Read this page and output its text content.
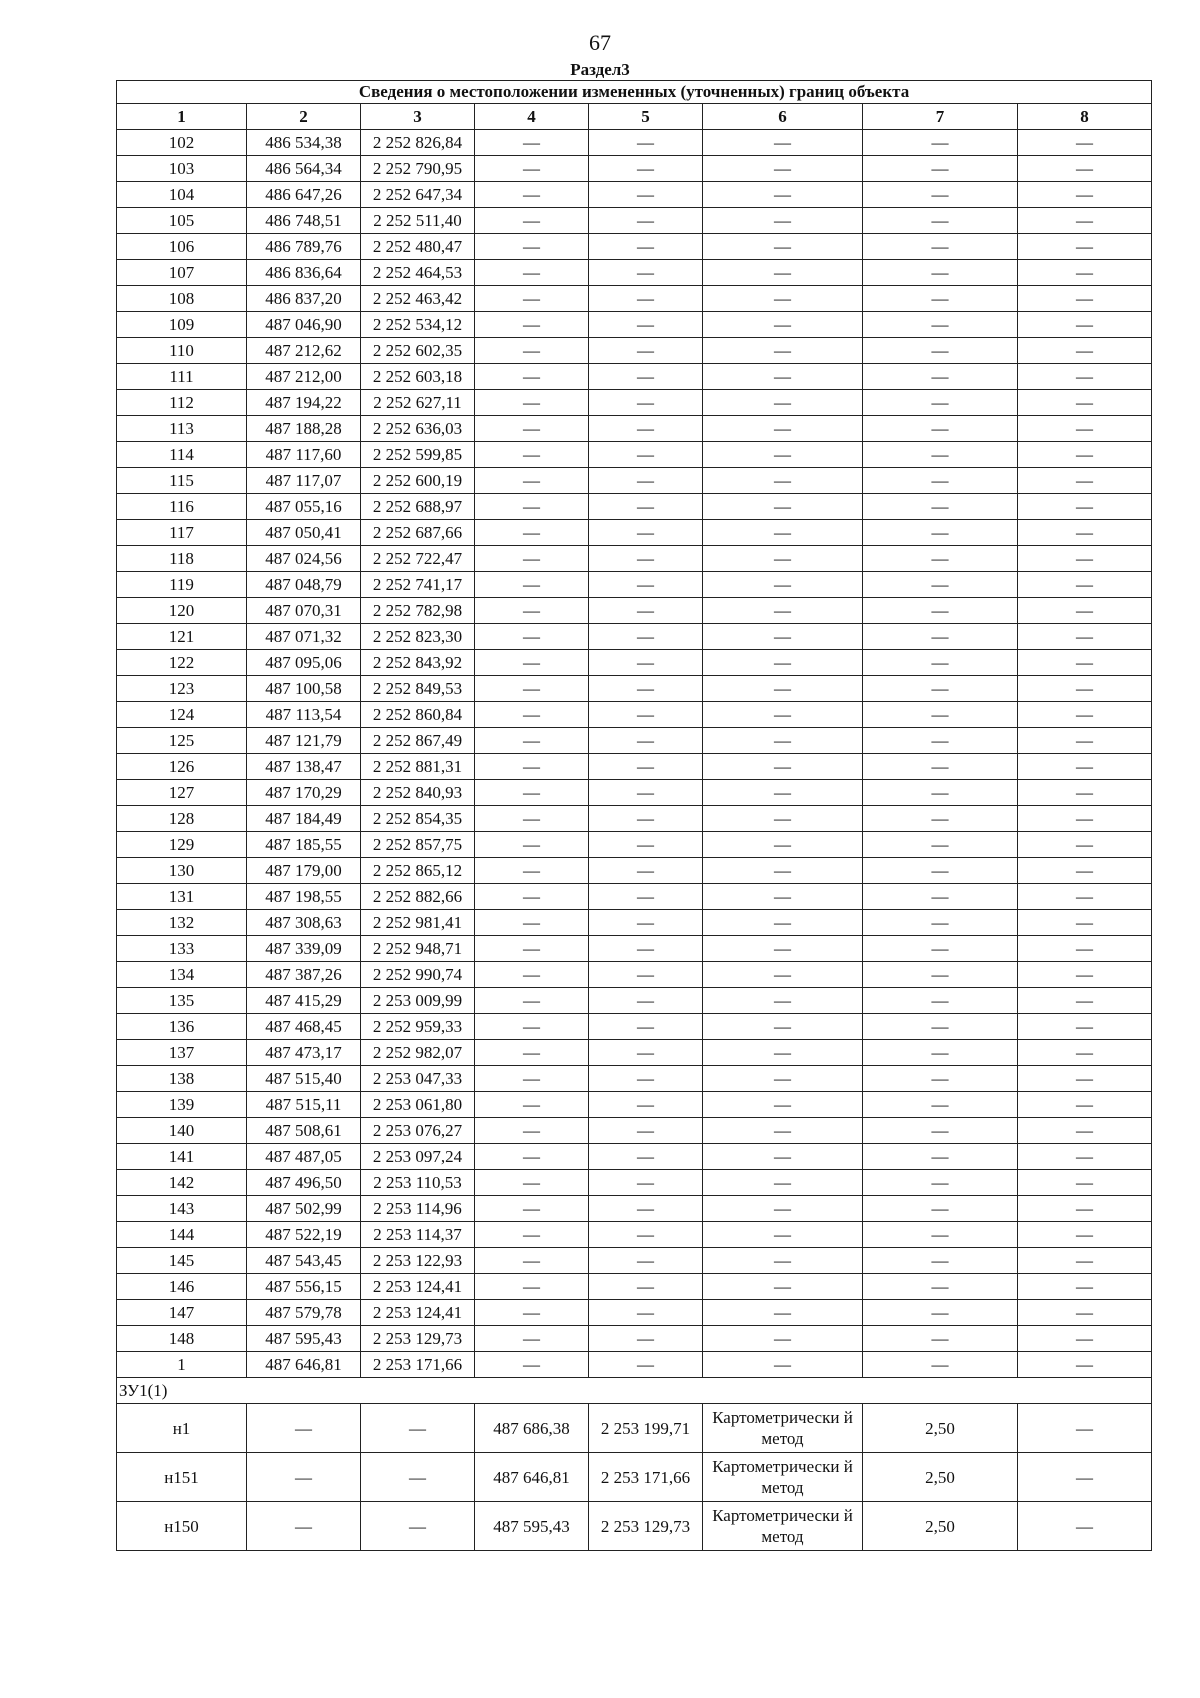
67
Раздел3
Сведения о местоположении измененных (уточненных) границ объекта							
1	2	3	4	5	6	7	8
102	486 534,38	2 252 826,84	—	—	—	—	—
103	486 564,34	2 252 790,95	—	—	—	—	—
104	486 647,26	2 252 647,34	—	—	—	—	—
105	486 748,51	2 252 511,40	—	—	—	—	—
106	486 789,76	2 252 480,47	—	—	—	—	—
107	486 836,64	2 252 464,53	—	—	—	—	—
108	486 837,20	2 252 463,42	—	—	—	—	—
109	487 046,90	2 252 534,12	—	—	—	—	—
110	487 212,62	2 252 602,35	—	—	—	—	—
111	487 212,00	2 252 603,18	—	—	—	—	—
112	487 194,22	2 252 627,11	—	—	—	—	—
113	487 188,28	2 252 636,03	—	—	—	—	—
114	487 117,60	2 252 599,85	—	—	—	—	—
115	487 117,07	2 252 600,19	—	—	—	—	—
116	487 055,16	2 252 688,97	—	—	—	—	—
117	487 050,41	2 252 687,66	—	—	—	—	—
118	487 024,56	2 252 722,47	—	—	—	—	—
119	487 048,79	2 252 741,17	—	—	—	—	—
120	487 070,31	2 252 782,98	—	—	—	—	—
121	487 071,32	2 252 823,30	—	—	—	—	—
122	487 095,06	2 252 843,92	—	—	—	—	—
123	487 100,58	2 252 849,53	—	—	—	—	—
124	487 113,54	2 252 860,84	—	—	—	—	—
125	487 121,79	2 252 867,49	—	—	—	—	—
126	487 138,47	2 252 881,31	—	—	—	—	—
127	487 170,29	2 252 840,93	—	—	—	—	—
128	487 184,49	2 252 854,35	—	—	—	—	—
129	487 185,55	2 252 857,75	—	—	—	—	—
130	487 179,00	2 252 865,12	—	—	—	—	—
131	487 198,55	2 252 882,66	—	—	—	—	—
132	487 308,63	2 252 981,41	—	—	—	—	—
133	487 339,09	2 252 948,71	—	—	—	—	—
134	487 387,26	2 252 990,74	—	—	—	—	—
135	487 415,29	2 253 009,99	—	—	—	—	—
136	487 468,45	2 252 959,33	—	—	—	—	—
137	487 473,17	2 252 982,07	—	—	—	—	—
138	487 515,40	2 253 047,33	—	—	—	—	—
139	487 515,11	2 253 061,80	—	—	—	—	—
140	487 508,61	2 253 076,27	—	—	—	—	—
141	487 487,05	2 253 097,24	—	—	—	—	—
142	487 496,50	2 253 110,53	—	—	—	—	—
143	487 502,99	2 253 114,96	—	—	—	—	—
144	487 522,19	2 253 114,37	—	—	—	—	—
145	487 543,45	2 253 122,93	—	—	—	—	—
146	487 556,15	2 253 124,41	—	—	—	—	—
147	487 579,78	2 253 124,41	—	—	—	—	—
148	487 595,43	2 253 129,73	—	—	—	—	—
1	487 646,81	2 253 171,66	—	—	—	—	—
ЗУ1(1)							
н1	—	—	487 686,38	2 253 199,71	Картометрически й метод	2,50	—
н151	—	—	487 646,81	2 253 171,66	Картометрически й метод	2,50	—
н150	—	—	487 595,43	2 253 129,73	Картометрически й метод	2,50	—
